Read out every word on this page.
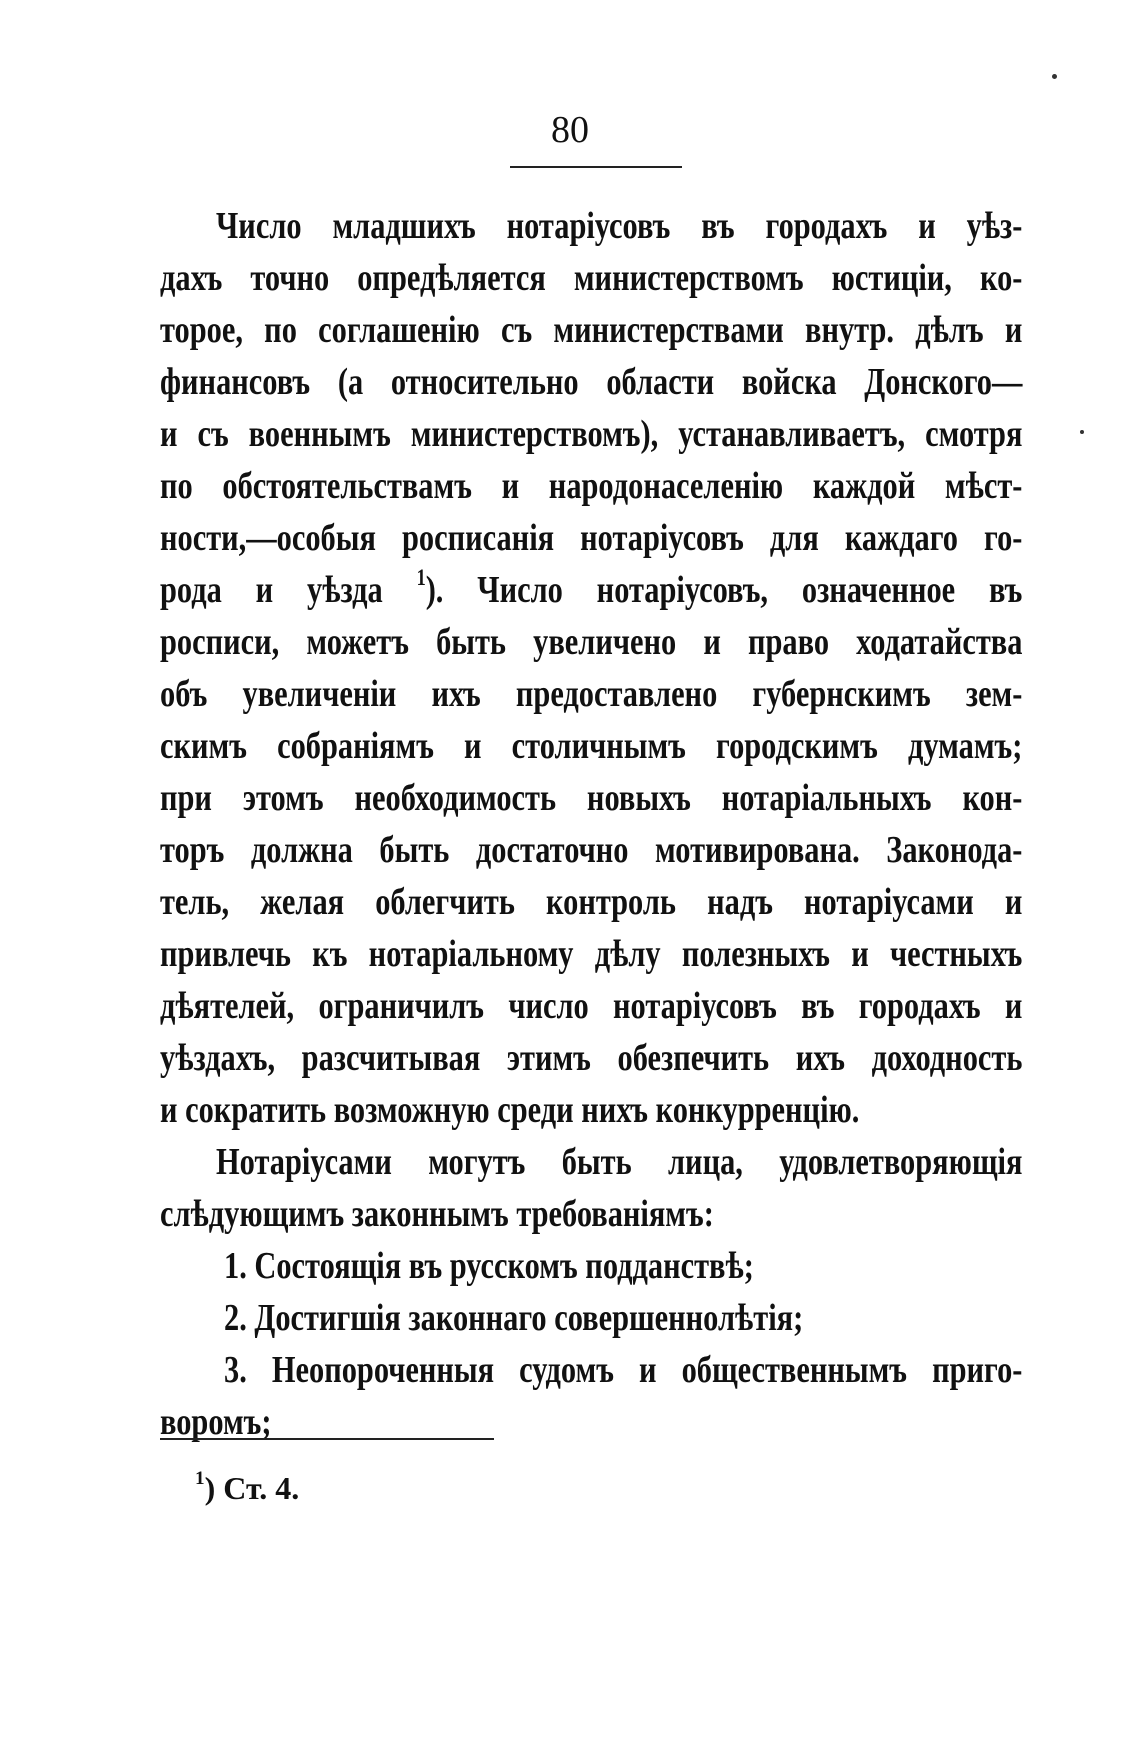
80
Число младшихъ нотаріусовъ въ городахъ и уѣз-
дахъ точно опредѣляется министерствомъ юстиціи, ко-
торое, по соглашенію съ министерствами внутр. дѣлъ и
финансовъ (а относительно области войска Донского—
и съ военнымъ министерствомъ), устанавливаетъ, смотря
по обстоятельствамъ и народонаселенію каждой мѣст-
ности,—особыя росписанія нотаріусовъ для каждаго го-
рода и уѣзда $^1$). Число нотаріусовъ, означенное въ
росписи, можетъ быть увеличено и право ходатайства
объ увеличеніи ихъ предоставлено губернскимъ зем-
скимъ собраніямъ и столичнымъ городскимъ думамъ;
при этомъ необходимость новыхъ нотаріальныхъ кон-
торъ должна быть достаточно мотивирована. Законода-
тель, желая облегчить контроль надъ нотаріусами и
привлечь къ нотаріальному дѣлу полезныхъ и честныхъ
дѣятелей, ограничилъ число нотаріусовъ въ городахъ и
уѣздахъ, разсчитывая этимъ обезпечить ихъ доходность
и сократить возможную среди нихъ конкурренцію.
Нотаріусами могутъ быть лица, удовлетворяющія
слѣдующимъ законнымъ требованіямъ:
1. Состоящія въ русскомъ подданствѣ;
2. Достигшія законнаго совершеннолѣтія;
3. Неопороченныя судомъ и общественнымъ приго-
воромъ;
$^1$) Ст. 4.
